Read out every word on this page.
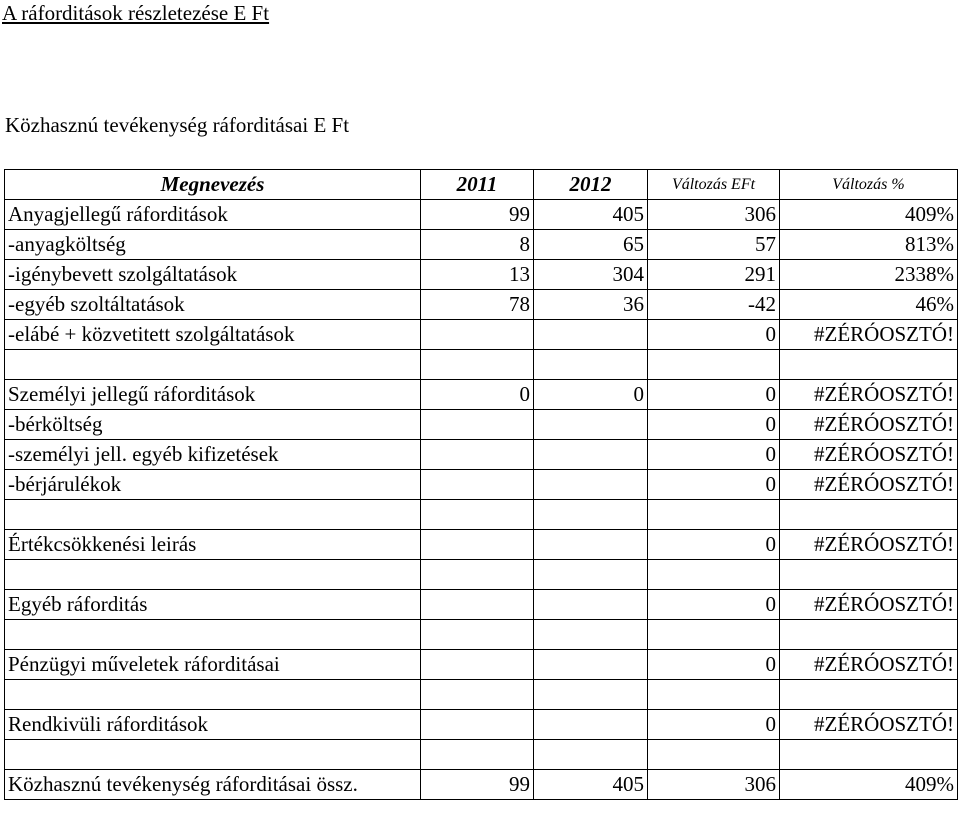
A ráforditások részletezése E Ft
Közhasznú tevékenység ráforditásai E Ft
Megnevezés	2011	2012	Változás EFt	Változás %
Anyagjellegű ráforditások	99	405	306	409%
-anyagköltség	8	65	57	813%
-igénybevett szolgáltatások	13	304	291	2338%
-egyéb szoltáltatások	78	36	-42	46%
-elábé + közvetitett szolgáltatások			0	#ZÉRÓOSZTÓ!

Személyi jellegű ráforditások	0	0	0	#ZÉRÓOSZTÓ!
-bérköltség			0	#ZÉRÓOSZTÓ!
-személyi jell. egyéb kifizetések			0	#ZÉRÓOSZTÓ!
-bérjárulékok			0	#ZÉRÓOSZTÓ!

Értékcsökkenési leirás			0	#ZÉRÓOSZTÓ!

Egyéb ráforditás			0	#ZÉRÓOSZTÓ!

Pénzügyi műveletek ráforditásai			0	#ZÉRÓOSZTÓ!

Rendkivüli ráforditások			0	#ZÉRÓOSZTÓ!

Közhasznú tevékenység ráforditásai össz.	99	405	306	409%
